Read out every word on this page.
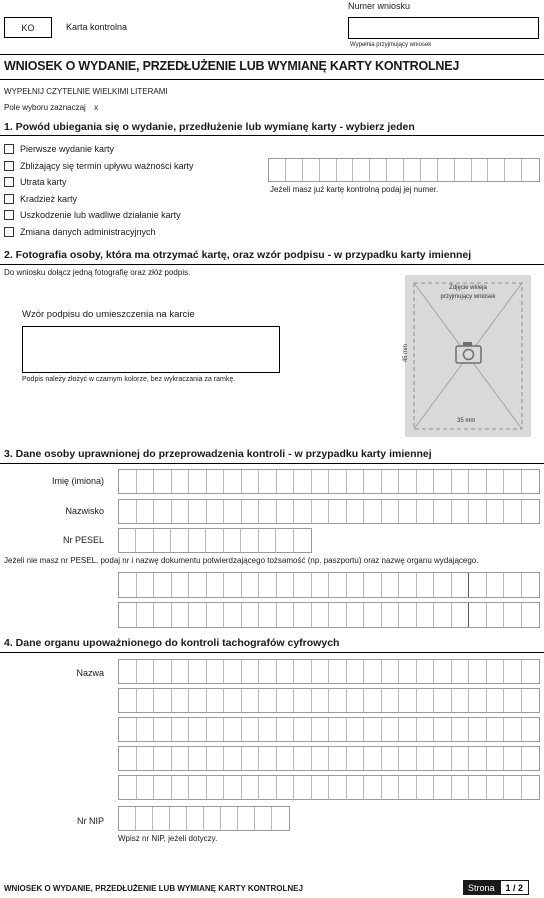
KO	Karta kontrolna
Numer wniosku
Wypełnia przyjmujący wniosek
WNIOSEK O WYDANIE, PRZEDŁUŻENIE LUB WYMIANĘ KARTY KONTROLNEJ
WYPEŁNIJ CZYTELNIE WIELKIMI LITERAMI
Pole wyboru zaznaczaj x
1. Powód ubiegania się o wydanie, przedłużenie lub wymianę karty - wybierz jeden
Pierwsze wydanie karty
Zbliżający się termin upływu ważności karty
Utrata karty
Kradzież karty
Uszkodzenie lub wadliwe działanie karty
Zmiana danych administracyjnych
Jeżeli masz już kartę kontrolną podaj jej numer.
2. Fotografia osoby, która ma otrzymać kartę, oraz wzór podpisu - w przypadku karty imiennej
Do wniosku dołącz jedną fotografię oraz złóż podpis.
Wzór podpisu do umieszczenia na karcie
Podpis należy złożyć w czarnym kolorze, bez wykraczania za ramkę.
Zdjęcie wkleja przyjmujący wniosek
45 mm
35 mm
3. Dane osoby uprawnionej do przeprowadzenia kontroli - w przypadku karty imiennej
Imię (imiona)
Nazwisko
Nr PESEL
Jeżeli nie masz nr PESEL, podaj nr i nazwę dokumentu potwierdzającego tożsamość (np. paszportu) oraz nazwę organu wydającego.
4. Dane organu upoważnionego do kontroli tachografów cyfrowych
Nazwa
Nr NIP
Wpisz nr NIP, jeżeli dotyczy.
WNIOSEK O WYDANIE, PRZEDŁUŻENIE LUB WYMIANĘ KARTY KONTROLNEJ	Strona	1 / 2
